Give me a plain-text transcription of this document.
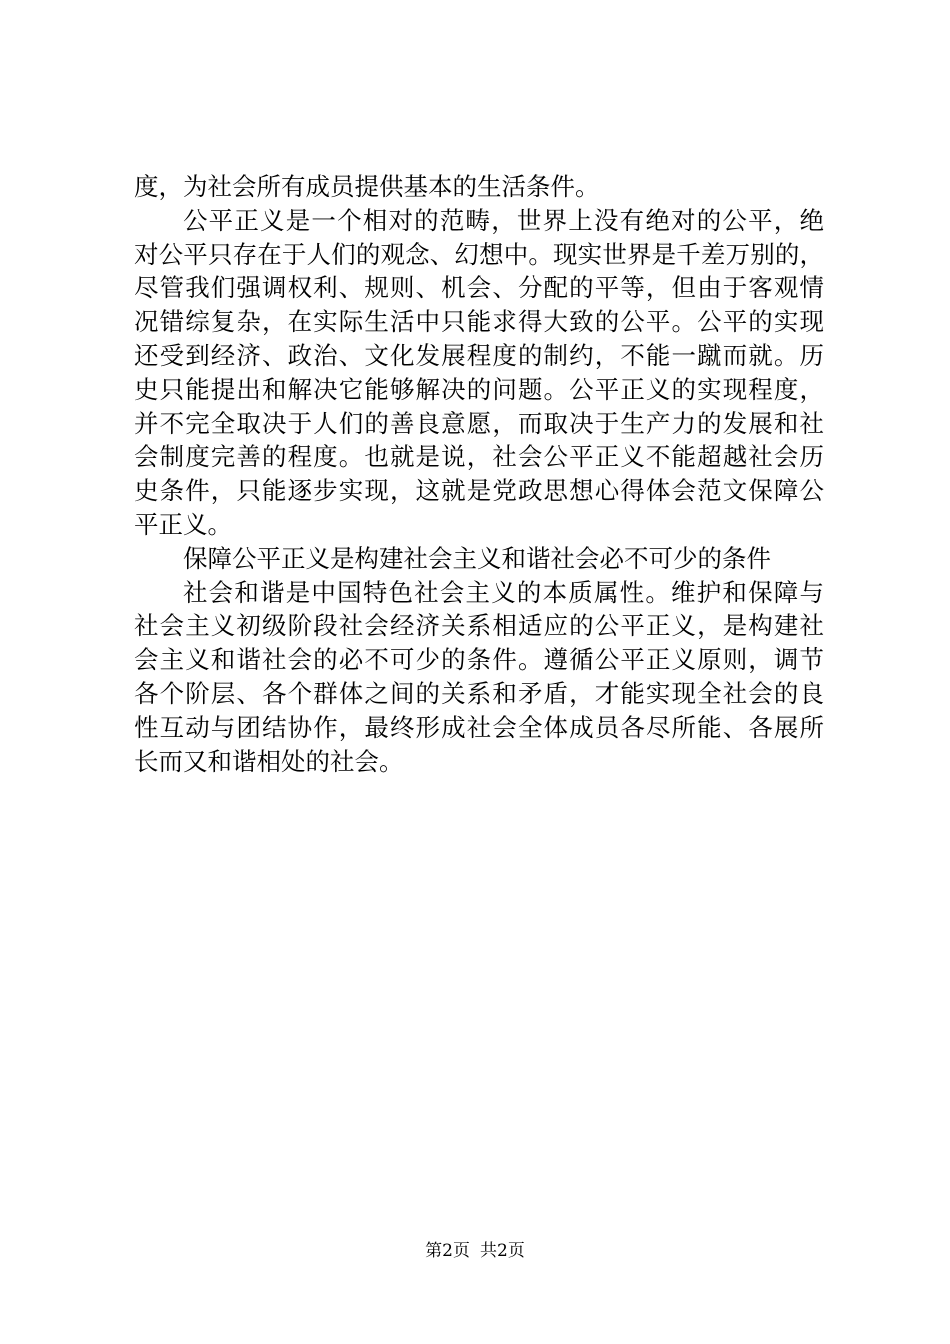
度，为社会所有成员提供基本的生活条件。
公平正义是一个相对的范畴，世界上没有绝对的公平，绝
对公平只存在于人们的观念、幻想中。现实世界是千差万别的，
尽管我们强调权利、规则、机会、分配的平等，但由于客观情
况错综复杂，在实际生活中只能求得大致的公平。公平的实现
还受到经济、政治、文化发展程度的制约，不能一蹴而就。历
史只能提出和解决它能够解决的问题。公平正义的实现程度，
并不完全取决于人们的善良意愿，而取决于生产力的发展和社
会制度完善的程度。也就是说，社会公平正义不能超越社会历
史条件，只能逐步实现，这就是党政思想心得体会范文保障公
平正义。
保障公平正义是构建社会主义和谐社会必不可少的条件
社会和谐是中国特色社会主义的本质属性。维护和保障与
社会主义初级阶段社会经济关系相适应的公平正义，是构建社
会主义和谐社会的必不可少的条件。遵循公平正义原则，调节
各个阶层、各个群体之间的关系和矛盾，才能实现全社会的良
性互动与团结协作，最终形成社会全体成员各尽所能、各展所
长而又和谐相处的社会。
第2页 共2页
